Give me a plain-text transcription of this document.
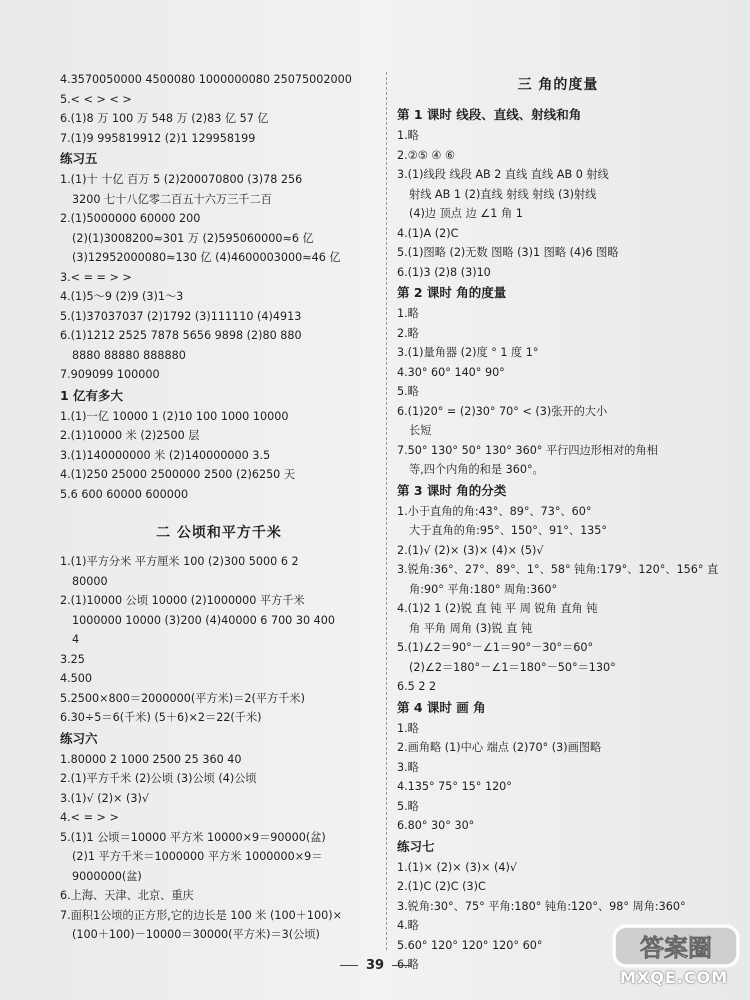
4.3570050000 4500080 1000000080 25075002000
5.< < > < >
6.(1)8 万 100 万 548 万 (2)83 亿 57 亿
7.(1)9 995819912 (2)1 129958199
练习五
1.(1)十 十亿 百万 5 (2)200070800 (3)78 256
3200 七十八亿零二百五十六万三千二百
2.(1)5000000 60000 200
(2)(1)3008200≈301 万 (2)595060000≈6 亿
(3)12952000080≈130 亿 (4)4600003000≈46 亿
3.< = = > >
4.(1)5～9 (2)9 (3)1～3
5.(1)37037037 (2)1792 (3)111110 (4)4913
6.(1)1212 2525 7878 5656 9898 (2)80 880
8880 88880 888880
7.909099 100000
1 亿有多大
1.(1)一亿 10000 1 (2)10 100 1000 10000
2.(1)10000 米 (2)2500 层
3.(1)140000000 米 (2)140000000 3.5
4.(1)250 25000 2500000 2500 (2)6250 天
5.6 600 60000 600000
二 公顷和平方千米
1.(1)平方分米 平方厘米 100 (2)300 5000 6 2
80000
2.(1)10000 公顷 10000 (2)1000000 平方千米
1000000 10000 (3)200 (4)40000 6 700 30 400
4
3.25
4.500
5.2500×800＝2000000(平方米)＝2(平方千米)
6.30÷5＝6(千米) (5＋6)×2＝22(千米)
练习六
1.80000 2 1000 2500 25 360 40
2.(1)平方千米 (2)公顷 (3)公顷 (4)公顷
3.(1)√ (2)× (3)√
4.< = > >
5.(1)1 公顷＝10000 平方米 10000×9＝90000(盆)
(2)1 平方千米＝1000000 平方米 1000000×9＝
9000000(盆)
6.上海、天津、北京、重庆
7.面积1公顷的正方形,它的边长是 100 米 (100＋100)×
(100＋100)－10000＝30000(平方米)＝3(公顷)
三 角的度量
第 1 课时 线段、直线、射线和角
1.略
2.②⑤ ④ ⑥
3.(1)线段 线段 AB 2 直线 直线 AB 0 射线
射线 AB 1 (2)直线 射线 射线 (3)射线
(4)边 顶点 边 ∠1 角 1
4.(1)A (2)C
5.(1)图略 (2)无数 图略 (3)1 图略 (4)6 图略
6.(1)3 (2)8 (3)10
第 2 课时 角的度量
1.略
2.略
3.(1)量角器 (2)度 ° 1 度 1°
4.30° 60° 140° 90°
5.略
6.(1)20° = (2)30° 70° < (3)张开的大小
长短
7.50° 130° 50° 130° 360° 平行四边形相对的角相
等,四个内角的和是 360°。
第 3 课时 角的分类
1.小于直角的角:43°、89°、73°、60°
大于直角的角:95°、150°、91°、135°
2.(1)√ (2)× (3)× (4)× (5)√
3.锐角:36°、27°、89°、1°、58° 钝角:179°、120°、156° 直
角:90° 平角:180° 周角:360°
4.(1)2 1 (2)锐 直 钝 平 周 锐角 直角 钝
角 平角 周角 (3)锐 直 钝
5.(1)∠2＝90°－∠1＝90°－30°＝60°
(2)∠2＝180°－∠1＝180°－50°＝130°
6.5 2 2
第 4 课时 画 角
1.略
2.画角略 (1)中心 端点 (2)70° (3)画图略
3.略
4.135° 75° 15° 120°
5.略
6.80° 30° 30°
练习七
1.(1)× (2)× (3)× (4)√
2.(1)C (2)C (3)C
3.锐角:30°、75° 平角:180° 钝角:120°、98° 周角:360°
4.略
5.60° 120° 120° 120° 60°
6.略
39
答案圈
MXQE.COM
